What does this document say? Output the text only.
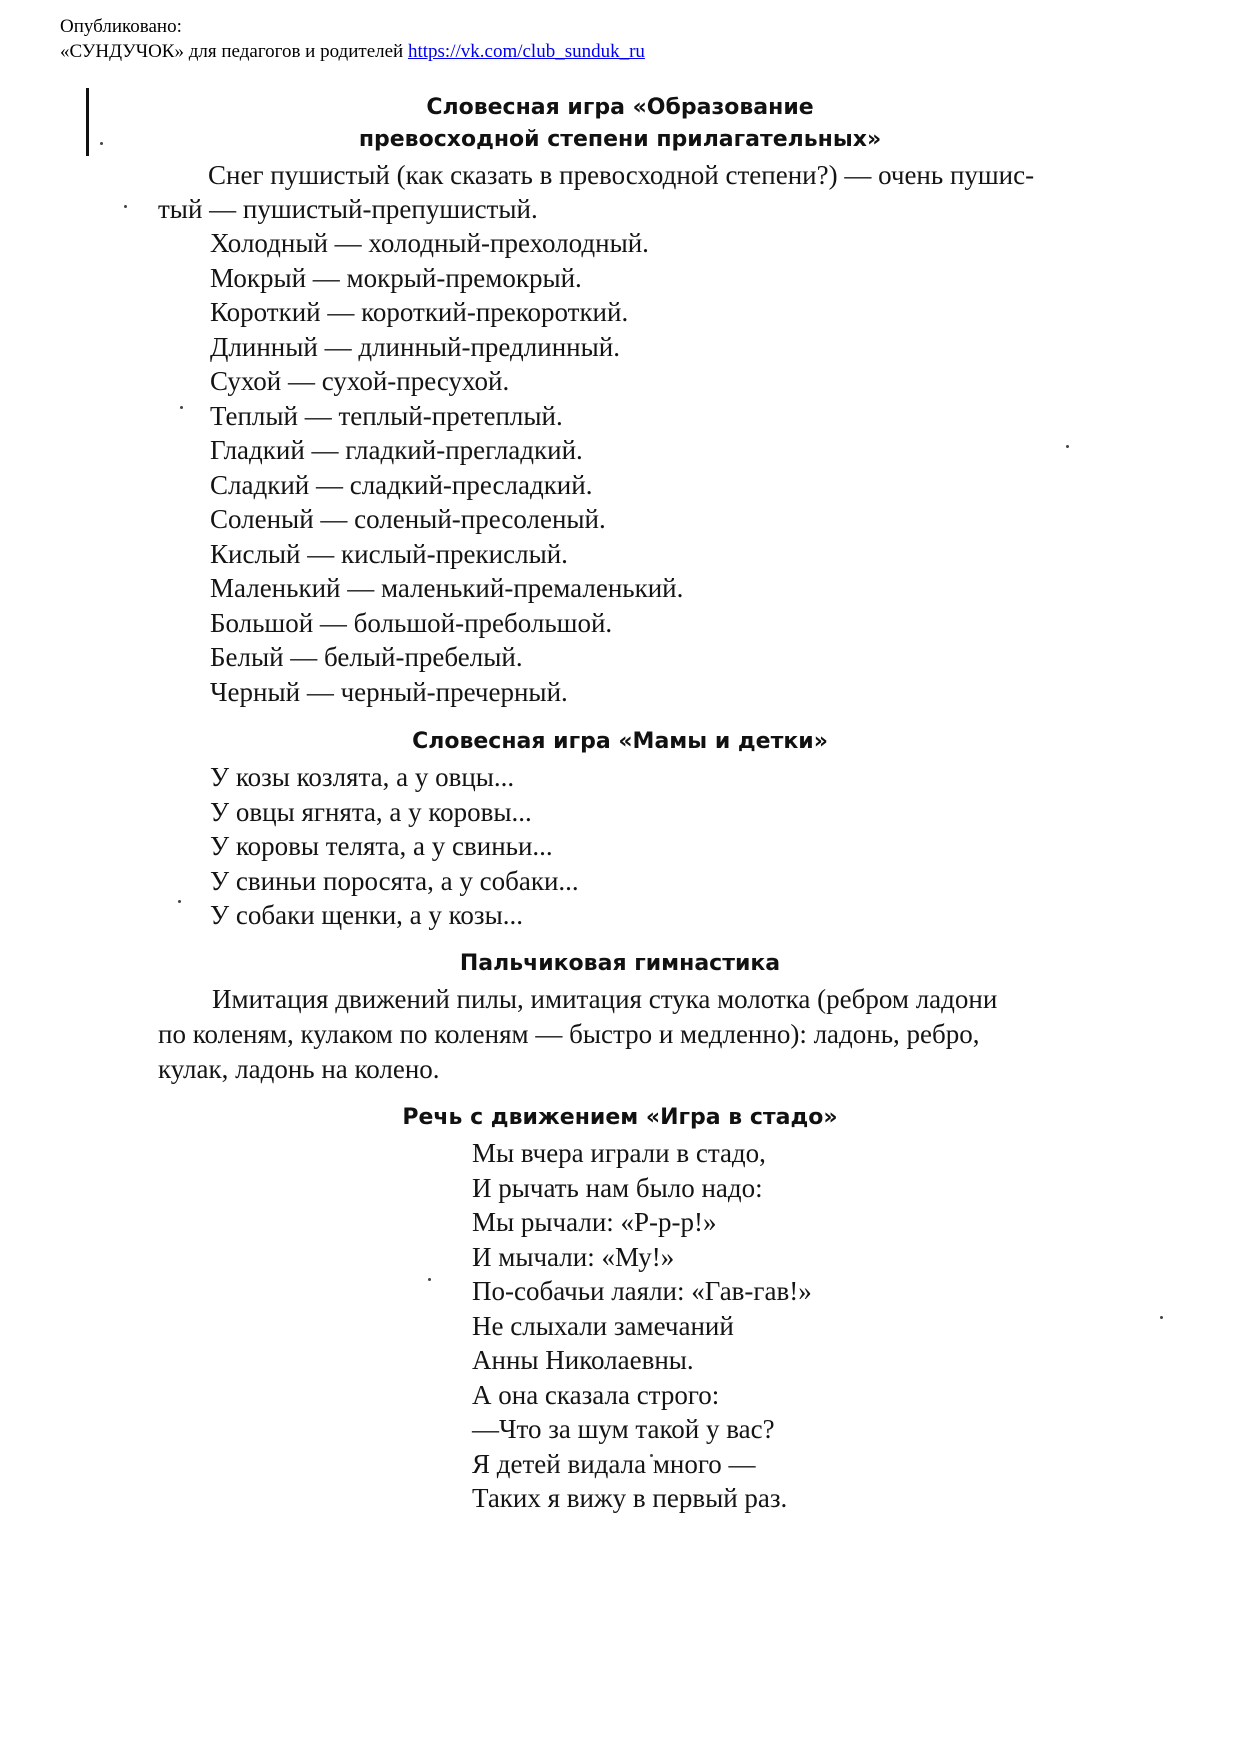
Опубликовано:
«СУНДУЧОК» для педагогов и родителей https://vk.com/club_sunduk_ru
Словесная игра «Образование
превосходной степени прилагательных»
Снег пушистый (как сказать в превосходной степени?) — очень пушис-
тый — пушистый-препушистый.
Холодный — холодный-прехолодный.
Мокрый — мокрый-премокрый.
Короткий — короткий-прекороткий.
Длинный — длинный-предлинный.
Сухой — сухой-пресухой.
Теплый — теплый-претеплый.
Гладкий — гладкий-прегладкий.
Сладкий — сладкий-пресладкий.
Соленый — соленый-пресоленый.
Кислый — кислый-прекислый.
Маленький — маленький-премаленький.
Большой — большой-пребольшой.
Белый — белый-пребелый.
Черный — черный-пречерный.
Словесная игра «Мамы и детки»
У козы козлята, а у овцы...
У овцы ягнята, а у коровы...
У коровы телята, а у свиньи...
У свиньи поросята, а у собаки...
У собаки щенки, а у козы...
Пальчиковая гимнастика
Имитация движений пилы, имитация стука молотка (ребром ладони
по коленям, кулаком по коленям — быстро и медленно): ладонь, ребро,
кулак, ладонь на колено.
Речь с движением «Игра в стадо»
Мы вчера играли в стадо,
И рычать нам было надо:
Мы рычали: «Р-р-р!»
И мычали: «Му!»
По-собачьи лаяли: «Гав-гав!»
Не слыхали замечаний
Анны Николаевны.
А она сказала строго:
—Что за шум такой у вас?
Я детей видала много —
Таких я вижу в первый раз.
